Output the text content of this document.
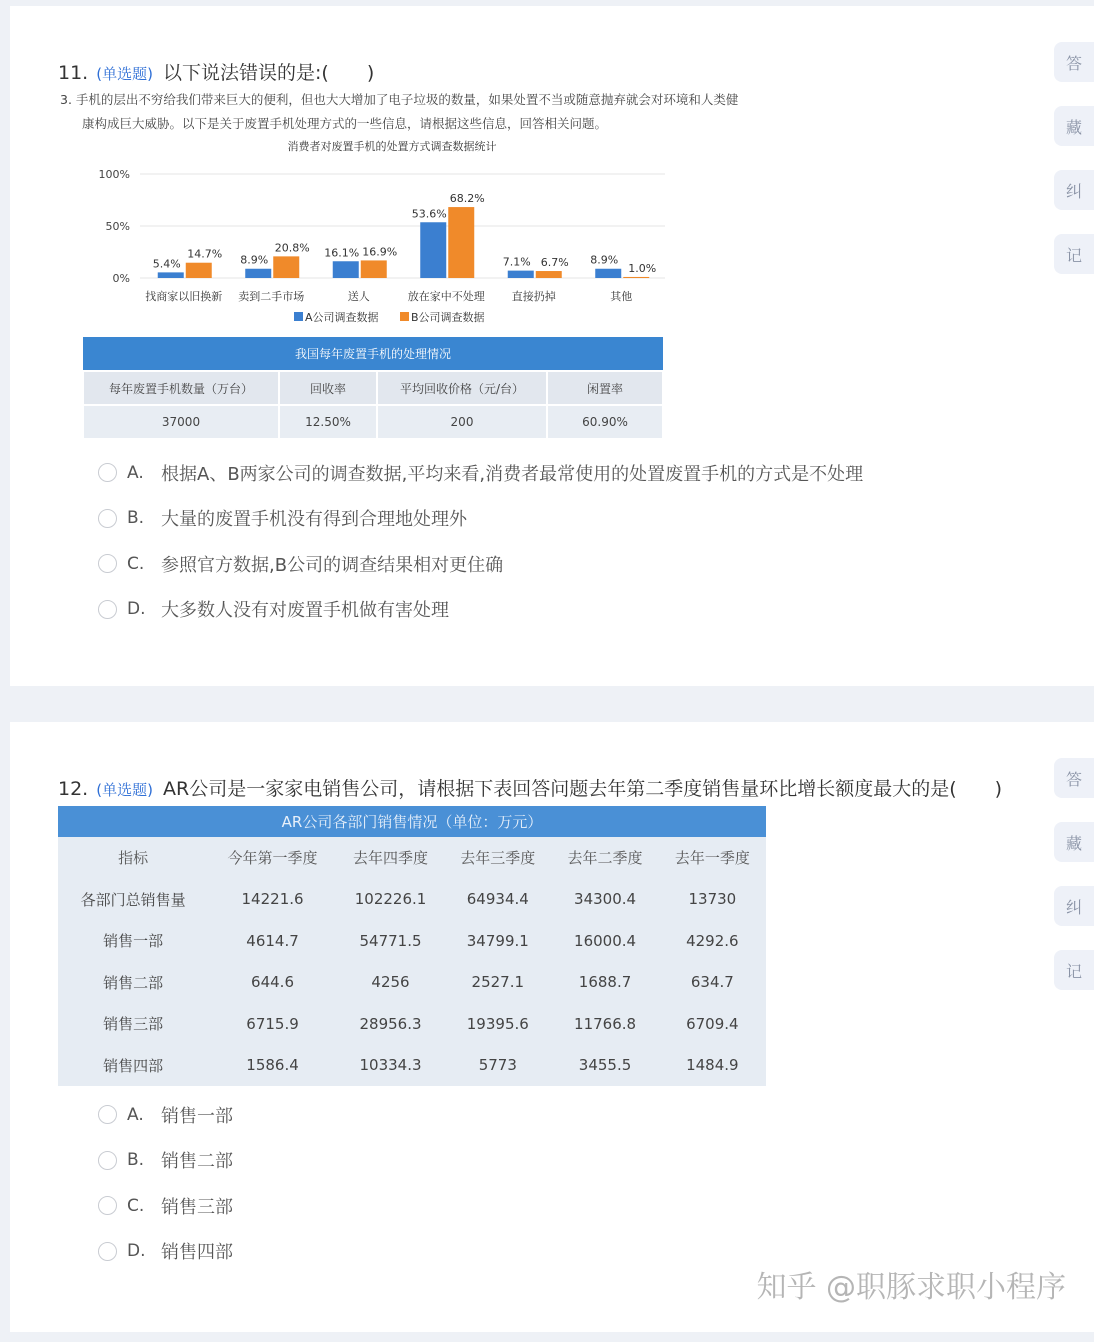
11. (单选题) 以下说法错误的是:(　　)	答
藏
纠
记
3. 手机的层出不穷给我们带来巨大的便利，但也大大增加了电子垃圾的数量，如果处置不当或随意抛弃就会对环境和人类健
康构成巨大威胁。以下是关于废置手机处理方式的一些信息，请根据这些信息，回答相关问题。
消费者对废置手机的处置方式调查数据统计
100%
50%
0%
5.4%
14.7%
找商家以旧换新
8.9%
20.8%
卖到二手市场
16.1% 16.9%
送人
53.6%
68.2%
放在家中不处理
7.1% 6.7%
直接扔掉
8.9%
1.0%
其他
A公司调查数据	B公司调查数据
我国每年废置手机的处理情况			
每年废置手机数量（万台）	回收率	平均回收价格（元/台）	闲置率
37000	12.50%	200	60.90%
A. 根据A、B两家公司的调查数据,平均来看,消费者最常使用的处置废置手机的方式是不处理
B. 大量的废置手机没有得到合理地处理外
C. 参照官方数据,B公司的调查结果相对更住确
D. 大多数人没有对废置手机做有害处理
12. (单选题) AR公司是一家家电销售公司，请根据下表回答问题去年第二季度销售量环比增长额度最大的是(　　)	答
藏
纠
记
AR公司各部门销售情况（单位：万元）					
指标	今年第一季度	去年四季度	去年三季度	去年二季度	去年一季度
各部门总销售量	14221.6	102226.1	64934.4	34300.4	13730
销售一部	4614.7	54771.5	34799.1	16000.4	4292.6
销售二部	644.6	4256	2527.1	1688.7	634.7
销售三部	6715.9	28956.3	19395.6	11766.8	6709.4
销售四部	1586.4	10334.3	5773	3455.5	1484.9
A. 销售一部
B. 销售二部
C. 销售三部
D. 销售四部
知乎 @职豚求职小程序
